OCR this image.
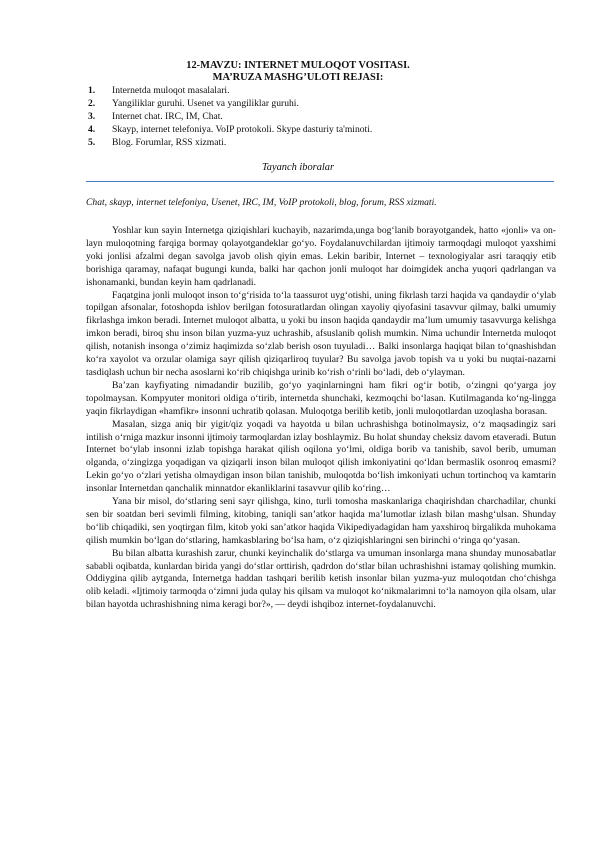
12-MAVZU: INTERNET MULOQOT VOSITASI.
MA’RUZA MASHG’ULOTI REJASI:
1.	Internetda muloqot masalalari.
2.	Yangiliklar guruhi. Usenet va yangiliklar guruhi.
3.	Internet chat. IRC, IM, Chat.
4.	Skayp, internet telefoniya. VoIP protokoli. Skype dasturiy ta'minoti.
5.	Blog. Forumlar, RSS xizmati.
Tayanch iboralar
Chat, skayp, internet telefoniya, Usenet, IRC, IM, VoIP protokoli, blog, forum, RSS xizmati.

Yoshlar kun sayin Internetga qiziqishlari kuchayib, nazarimda,unga bog‘lanib borayotgandek, hatto «jonli» va on-layn muloqotning farqiga bormay qolayotgandeklar go‘yo. Foydalanuvchilardan ijtimoiy tarmoqdagi muloqot yaxshimi yoki jonlisi afzalmi degan savolga javob olish qiyin emas. Lekin baribir, Internet – texnologiyalar asri taraqqiy etib borishiga qaramay, nafaqat bugungi kunda, balki har qachon jonli muloqot har doimgidek ancha yuqori qadrlangan va ishonamanki, bundan keyin ham qadrlanadi.

Faqatgina jonli muloqot inson to‘g‘risida to‘la taassurot uyg‘otishi, uning fikrlash tarzi haqida va qandaydir o‘ylab topilgan afsonalar, fotoshopda ishlov berilgan fotosuratlardan olingan xayoliy qiyofasini tasavvur qilmay, balki umumiy fikrlashga imkon beradi. Internet muloqot albatta, u yoki bu inson haqida qandaydir ma’lum umumiy tasavvurga kelishga imkon beradi, biroq shu inson bilan yuzma-yuz uchrashib, afsuslanib qolish mumkin. Nima uchundir Internetda muloqot qilish, notanish insonga o‘zimiz haqimizda so‘zlab berish oson tuyuladi… Balki insonlarga haqiqat bilan to‘qnashishdan ko‘ra xayolot va orzular olamiga sayr qilish qiziqarliroq tuyular? Bu savolga javob topish va u yoki bu nuqtai-nazarni tasdiqlash uchun bir necha asoslarni ko‘rib chiqishga urinib ko‘rish o‘rinli bo‘ladi, deb o‘ylayman.

Ba’zan kayfiyating nimadandir buzilib, go‘yo yaqinlarningni ham fikri og‘ir botib, o‘zingni qo‘yarga joy topolmaysan. Kompyuter monitori oldiga o‘tirib, internetda shunchaki, kezmoqchi bo‘lasan. Kutilmaganda ko‘ng-lingga yaqin fikrlaydigan «hamfikr» insonni uchratib qolasan. Muloqotga berilib ketib, jonli muloqotlardan uzoqlasha borasan.

Masalan, sizga aniq bir yigit/qiz yoqadi va hayotda u bilan uchrashishga botinolmaysiz, o‘z maqsadingiz sari intilish o‘rniga mazkur insonni ijtimoiy tarmoqlardan izlay boshlaymiz. Bu holat shunday cheksiz davom etaveradi. Butun Internet bo‘ylab insonni izlab topishga harakat qilish oqilona yo‘lmi, oldiga borib va tanishib, savol berib, umuman olganda, o‘zingizga yoqadigan va qiziqarli inson bilan muloqot qilish imkoniyatini qo‘ldan bermaslik osonroq emasmi? Lekin go‘yo o‘zlari yetisha olmaydigan inson bilan tanishib, muloqotda bo‘lish imkoniyati uchun tortinchoq va kamtarin insonlar Internetdan qanchalik minnatdor ekanliklarini tasavvur qilib ko‘ring…

Yana bir misol, do‘stlaring seni sayr qilishga, kino, turli tomosha maskanlariga chaqirishdan charchadilar, chunki sen bir soatdan beri sevimli filming, kitobing, taniqli san’atkor haqida ma’lumotlar izlash bilan mashg‘ulsan. Shunday bo‘lib chiqadiki, sen yoqtirgan film, kitob yoki san’atkor haqida Vikipediyadagidan ham yaxshiroq birgalikda muhokama qilish mumkin bo‘lgan do‘stlaring, hamkasblaring bo‘lsa ham, o‘z qiziqishlaringni sen birinchi o‘ringa qo‘yasan.

Bu bilan albatta kurashish zarur, chunki keyinchalik do‘stlarga va umuman insonlarga mana shunday munosabatlar sababli oqibatda, kunlardan birida yangi do‘stlar orttirish, qadrdon do‘stlar bilan uchrashishni istamay qolishing mumkin. Oddiygina qilib aytganda, Internetga haddan tashqari berilib ketish insonlar bilan yuzma-yuz muloqotdan cho‘chishga olib keladi. «Ijtimoiy tarmoqda o‘zimni juda qulay his qilsam va muloqot ko‘nikmalarimni to‘la namoyon qila olsam, ular bilan hayotda uchrashishning nima keragi bor?», — deydi ishqiboz internet-foydalanuvchi.
